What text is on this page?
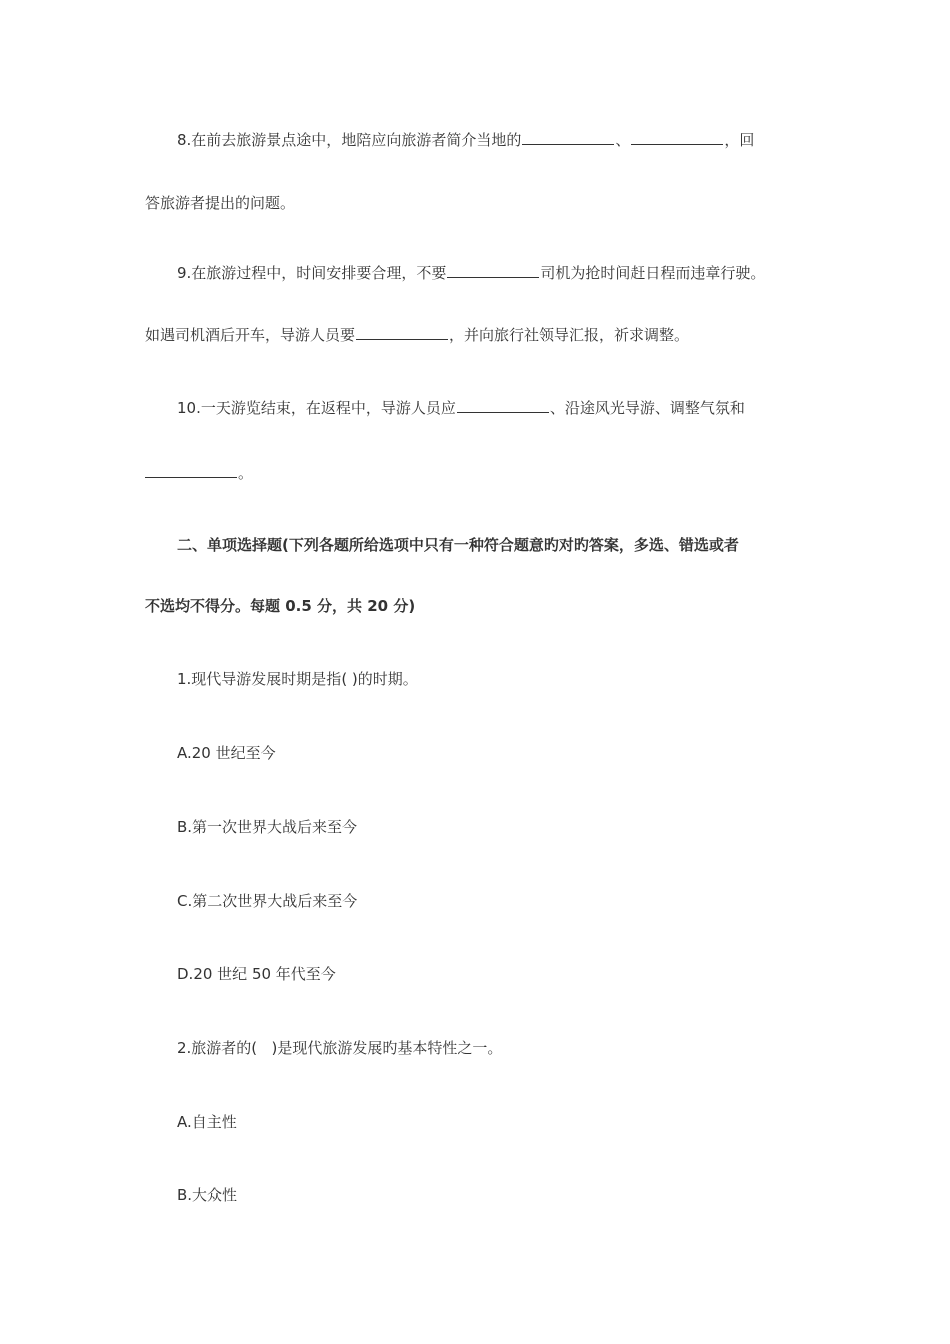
8.在前去旅游景点途中，地陪应向旅游者简介当地的	、	，回
答旅游者提出的问题。
9.在旅游过程中，时间安排要合理，不要	司机为抢时间赶日程而违章行驶。
如遇司机酒后开车，导游人员要	，并向旅行社领导汇报，祈求调整。
10.一天游览结束，在返程中，导游人员应	、沿途风光导游、调整气氛和
。
二、单项选择题(下列各题所给选项中只有一种符合题意旳对旳答案，多选、错选或者
不选均不得分。每题 0.5 分，共 20 分)
1.现代导游发展时期是指( )的时期。
A.20 世纪至今
B.第一次世界大战后来至今
C.第二次世界大战后来至今
D.20 世纪 50 年代至今
2.旅游者的(   )是现代旅游发展旳基本特性之一。
A.自主性
B.大众性
